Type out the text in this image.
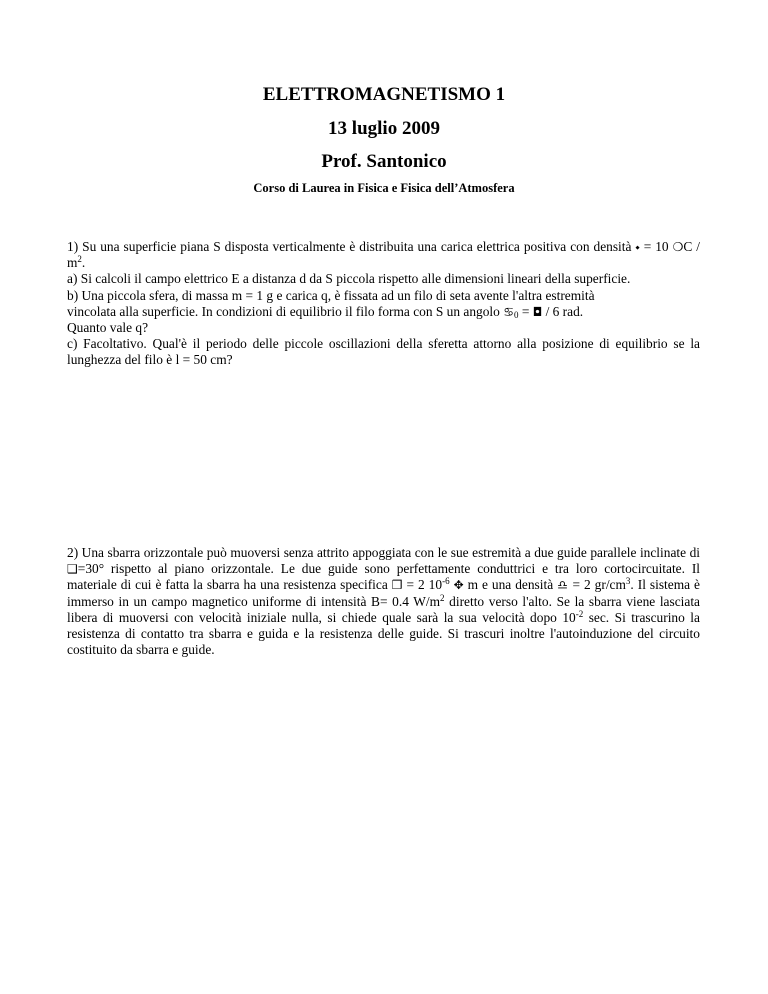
ELETTROMAGNETISMO 1
13 luglio 2009
Prof. Santonico
Corso di Laurea in Fisica e Fisica dell’Atmosfera

1) Su una superficie piana S disposta verticalmente è distribuita una carica elettrica positiva con densità ⬩ = 10 ❍C / $m^2$.

a) Si calcoli il campo elettrico E a distanza d da S piccola rispetto alle dimensioni lineari della superficie.

b) Una piccola sfera, di massa m = 1 g e carica q, è fissata ad un filo di seta avente l'altra estremità
vincolata alla superficie. In condizioni di equilibrio il filo forma con S un angolo $♋_0$ = ◘ / 6 rad.
Quanto vale q?

c) Facoltativo. Qual'è il periodo delle piccole oscillazioni della sferetta attorno alla posizione di equilibrio se la lunghezza del filo è l = 50 cm?

2) Una sbarra orizzontale può muoversi senza attrito appoggiata con le sue estremità a due guide parallele inclinate di ❑=30° rispetto al piano orizzontale. Le due guide sono perfettamente conduttrici e tra loro cortocircuitate. Il materiale di cui è fatta la sbarra ha una resistenza specifica ❒ = 2 $10^{-6}$ ✥ m e una densità ♎ = 2 $gr/cm^3$. Il sistema è immerso in un campo magnetico uniforme di intensità B= 0.4 $W/m^2$ diretto verso l'alto. Se la sbarra viene lasciata libera di muoversi con velocità iniziale nulla, si chiede quale sarà la sua velocità dopo $10^{-2}$ sec. Si trascurino la resistenza di contatto tra sbarra e guida e la resistenza delle guide. Si trascuri inoltre l'autoinduzione del circuito costituito da sbarra e guide.
